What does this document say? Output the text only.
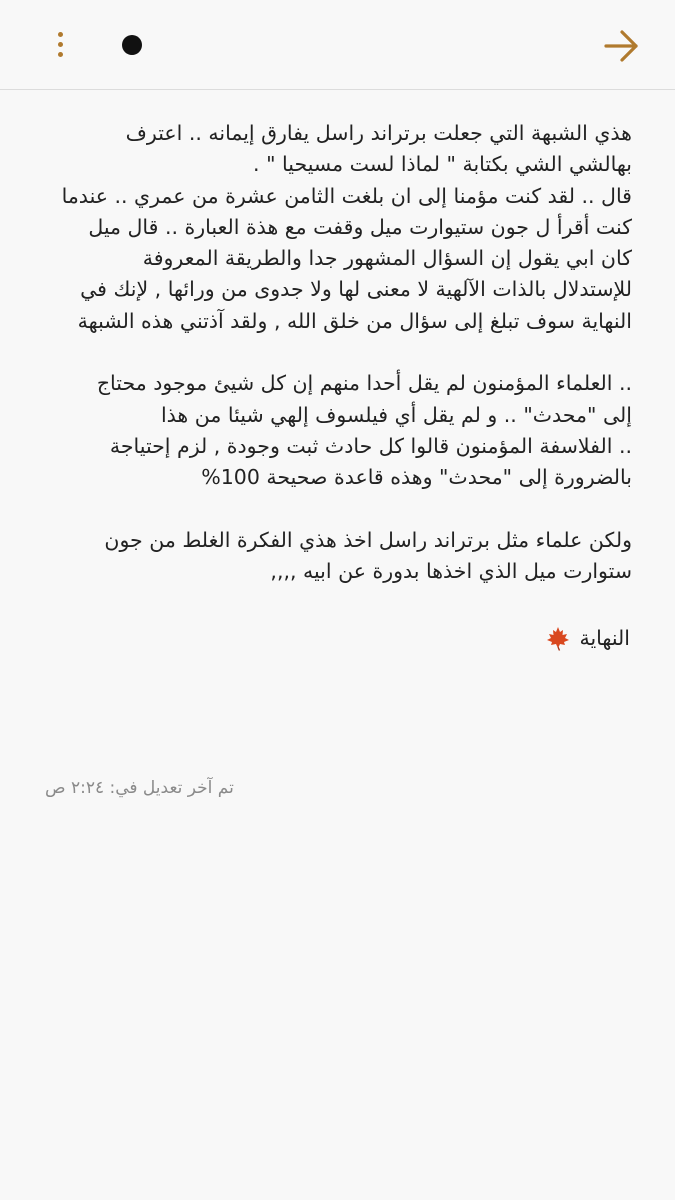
هذي الشبهة التي جعلت برتراند راسل يفارق إيمانه .. اعترف
بهالشي الشي بكتابة " لماذا لست مسيحيا " .
قال .. لقد كنت مؤمنا إلى ان بلغت الثامن عشرة من عمري .. عندما
كنت أقرأ ل جون ستيوارت ميل وقفت مع هذة العبارة .. قال ميل
كان ابي يقول إن السؤال المشهور جدا والطريقة المعروفة
للإستدلال بالذات الآلهية لا معنى لها ولا جدوى من ورائها , لإنك في
النهاية سوف تبلغ إلى سؤال من خلق الله , ولقد آذتني هذه الشبهة
.. العلماء المؤمنون لم يقل أحدا منهم إن كل شيئ موجود محتاج
إلى "محدث" .. و لم يقل أي فيلسوف إلهي شيئا من هذا
.. الفلاسفة المؤمنون قالوا كل حادث ثبت وجودة , لزم إحتياجة
بالضرورة إلى "محدث" وهذه قاعدة صحيحة 100%
ولكن علماء مثل برتراند راسل اخذ هذي الفكرة الغلط من جون
ستوارت ميل الذي اخذها بدورة عن ابيه ,,,,
النهاية
تم آخر تعديل في: ٢:٢٤ ص
